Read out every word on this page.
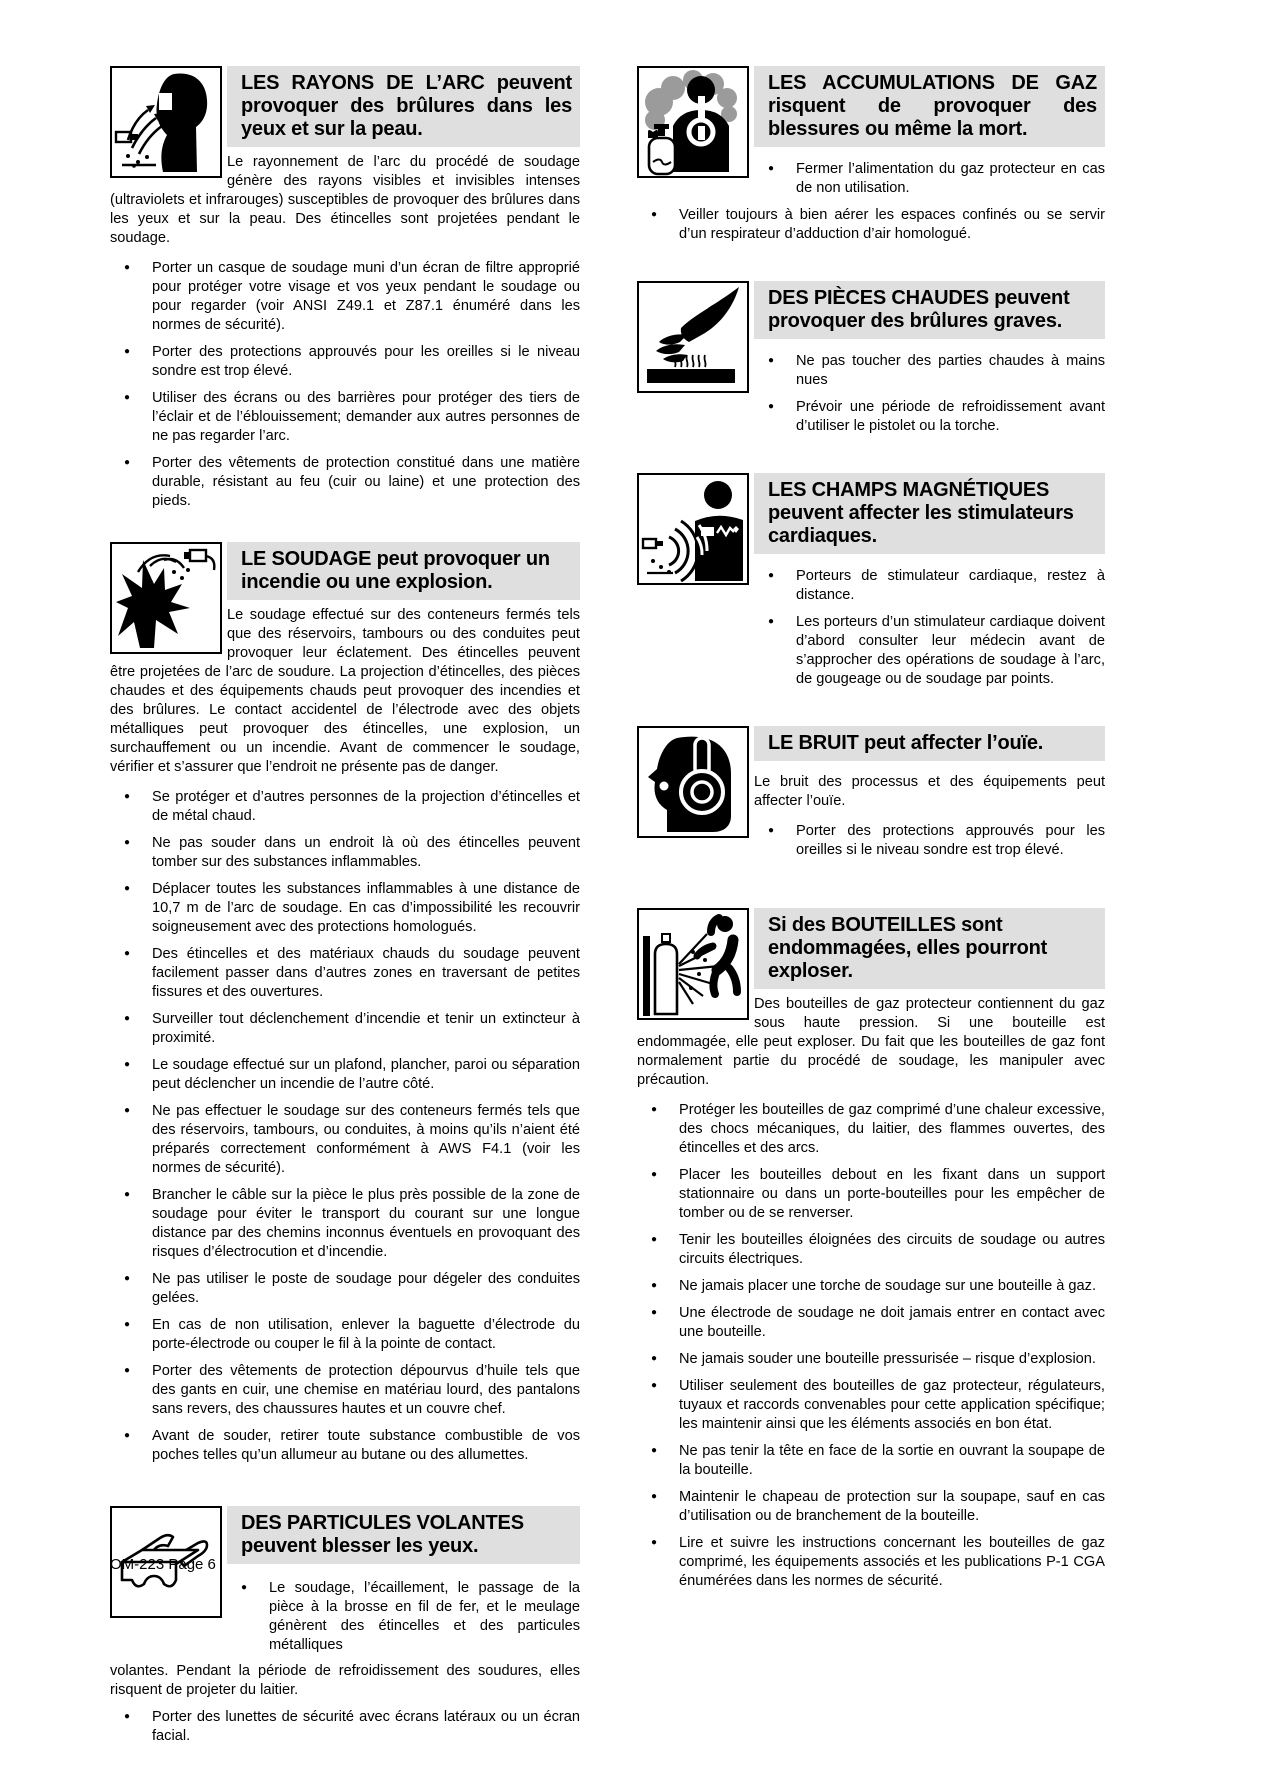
LES RAYONS DE L’ARC peuvent provoquer des brûlures dans les yeux et sur la peau.

Le rayonnement de l’arc du procédé de soudage génère des rayons visibles et invisibles intenses (ultraviolets et infrarouges) susceptibles de provoquer des brûlures dans les yeux et sur la peau. Des étincelles sont projetées pendant le soudage.

● Porter un casque de soudage muni d’un écran de filtre approprié pour protéger votre visage et vos yeux pendant le soudage ou pour regarder (voir ANSI Z49.1 et Z87.1 énuméré dans les normes de sécurité).
● Porter des protections approuvés pour les oreilles si le niveau sondre est trop élevé.
● Utiliser des écrans ou des barrières pour protéger des tiers de l’éclair et de l’éblouissement; demander aux autres personnes de ne pas regarder l’arc.
● Porter des vêtements de protection constitué dans une matière durable, résistant au feu (cuir ou laine) et une protection des pieds.
LE SOUDAGE peut provoquer un incendie ou une explosion.

Le soudage effectué sur des conteneurs fermés tels que des réservoirs, tambours ou des conduites peut provoquer leur éclatement. Des étincelles peuvent être projetées de l’arc de soudure. La projection d’étincelles, des pièces chaudes et des équipements chauds peut provoquer des incendies et des brûlures. Le contact accidentel de l’électrode avec des objets métalliques peut provoquer des étincelles, une explosion, un surchauffement ou un incendie. Avant de commencer le soudage, vérifier et s’assurer que l’endroit ne présente pas de danger.

● Se protéger et d’autres personnes de la projection d’étincelles et de métal chaud.
● Ne pas souder dans un endroit là où des étincelles peuvent tomber sur des substances inflammables.
● Déplacer toutes les substances inflammables à une distance de 10,7 m de l’arc de soudage. En cas d’impossibilité les recouvrir soigneusement avec des protections homologués.
● Des étincelles et des matériaux chauds du soudage peuvent facilement passer dans d’autres zones en traversant de petites fissures et des ouvertures.
● Surveiller tout déclenchement d’incendie et tenir un extincteur à proximité.
● Le soudage effectué sur un plafond, plancher, paroi ou séparation peut déclencher un incendie de l’autre côté.
● Ne pas effectuer le soudage sur des conteneurs fermés tels que des réservoirs, tambours, ou conduites, à moins qu’ils n’aient été préparés correctement conformément à AWS F4.1 (voir les normes de sécurité).
● Brancher le câble sur la pièce le plus près possible de la zone de soudage pour éviter le transport du courant sur une longue distance par des chemins inconnus éventuels en provoquant des risques d’électrocution et d’incendie.
● Ne pas utiliser le poste de soudage pour dégeler des conduites gelées.
● En cas de non utilisation, enlever la baguette d’électrode du porte-électrode ou couper le fil à la pointe de contact.
● Porter des vêtements de protection dépourvus d’huile tels que des gants en cuir, une chemise en matériau lourd, des pantalons sans revers, des chaussures hautes et un couvre chef.
● Avant de souder, retirer toute substance combustible de vos poches telles qu’un allumeur au butane ou des allumettes.
DES PARTICULES VOLANTES peuvent blesser les yeux.
● Le soudage, l’écaillement, le passage de la pièce à la brosse en fil de fer, et le meulage génèrent des étincelles et des particules métalliques

volantes. Pendant la période de refroidissement des soudures, elles risquent de projeter du laitier.

● Porter des lunettes de sécurité avec écrans latéraux ou un écran facial.
LES ACCUMULATIONS DE GAZ risquent de provoquer des blessures ou même la mort.
● Fermer l’alimentation du gaz protecteur en cas de non utilisation.
● Veiller toujours à bien aérer les espaces confinés ou se servir d’un respirateur d’adduction d’air homologué.
DES PIÈCES CHAUDES peuvent provoquer des brûlures graves.
● Ne pas toucher des parties chaudes à mains nues
● Prévoir une période de refroidissement avant d’utiliser le pistolet ou la torche.
LES CHAMPS MAGNÉTIQUES peuvent affecter les stimulateurs cardiaques.
● Porteurs de stimulateur cardiaque, restez à distance.
● Les porteurs d’un stimulateur cardiaque doivent d’abord consulter leur médecin avant de s’approcher des opérations de soudage à l’arc, de gougeage ou de soudage par points.
LE BRUIT peut affecter l’ouïe.

Le bruit des processus et des équipements peut affecter l’ouïe.

● Porter des protections approuvés pour les oreilles si le niveau sondre est trop élevé.
Si des BOUTEILLES sont endommagées, elles pourront exploser.

Des bouteilles de gaz protecteur contiennent du gaz sous haute pression. Si une bouteille est endommagée, elle peut exploser. Du fait que les bouteilles de gaz font normalement partie du procédé de soudage, les manipuler avec précaution.

● Protéger les bouteilles de gaz comprimé d’une chaleur excessive, des chocs mécaniques, du laitier, des flammes ouvertes, des étincelles et des arcs.
● Placer les bouteilles debout en les fixant dans un support stationnaire ou dans un porte-bouteilles pour les empêcher de tomber ou de se renverser.
● Tenir les bouteilles éloignées des circuits de soudage ou autres circuits électriques.
● Ne jamais placer une torche de soudage sur une bouteille à gaz.
● Une électrode de soudage ne doit jamais entrer en contact avec une bouteille.
● Ne jamais souder une bouteille pressurisée – risque d’explosion.
● Utiliser seulement des bouteilles de gaz protecteur, régulateurs, tuyaux et raccords convenables pour cette application spécifique; les maintenir ainsi que les éléments associés en bon état.
● Ne pas tenir la tête en face de la sortie en ouvrant la soupape de la bouteille.
● Maintenir le chapeau de protection sur la soupape, sauf en cas d’utilisation ou de branchement de la bouteille.
● Lire et suivre les instructions concernant les bouteilles de gaz comprimé, les équipements associés et les publications P-1 CGA énumérées dans les normes de sécurité.
OM-223 Page 6
